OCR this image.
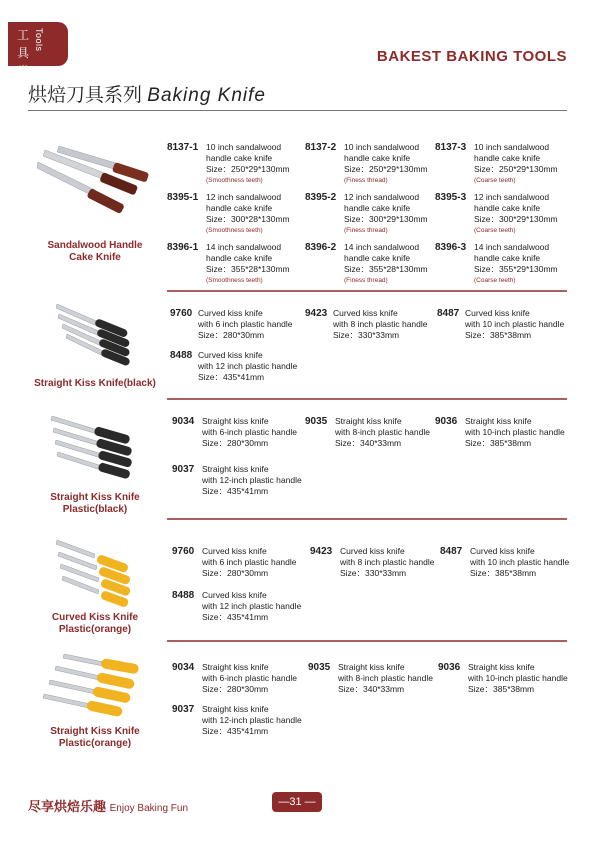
工具类
Tools
BAKEST BAKING TOOLS
烘焙刀具系列 Baking Knife
Sandalwood Handle
Cake Knife
8137-1 10 inch sandalwood
handle cake knife
Size：250*29*130mm
(Smoothness teeth)
8137-2 10 inch sandalwood
handle cake knife
Size：250*29*130mm
(Finess thread)
8137-3 10 inch sandalwood
handle cake knife
Size：250*29*130mm
(Coarse teeth)
8395-1 12 inch sandalwood
handle cake knife
Size：300*28*130mm
(Smoothness teeth)
8395-2 12 inch sandalwood
handle cake knife
Size：300*29*130mm
(Finess thread)
8395-3 12 inch sandalwood
handle cake knife
Size：300*29*130mm
(Coarse teeth)
8396-1 14 inch sandalwood
handle cake knife
Size：355*28*130mm
(Smoothness teeth)
8396-2 14 inch sandalwood
handle cake knife
Size：355*28*130mm
(Finess thread)
8396-3 14 inch sandalwood
handle cake knife
Size：355*29*130mm
(Coarse teeth)
Straight Kiss Knife(black)
9760 Curved kiss knife
with 6 inch plastic handle
Size：280*30mm
9423 Curved kiss knife
with 8 inch plastic handle
Size：330*33mm
8487 Curved kiss knife
with 10 inch plastic handle
Size：385*38mm
8488 Curved kiss knife
with 12 inch plastic handle
Size：435*41mm
Straight Kiss Knife
Plastic(black)
9034 Straight kiss knife
with 6-inch plastic handle
Size：280*30mm
9035 Straight kiss knife
with 8-inch plastic handle
Size：340*33mm
9036 Straight kiss knife
with 10-inch plastic handle
Size：385*38mm
9037 Straight kiss knife
with 12-inch plastic handle
Size：435*41mm
Curved Kiss Knife
Plastic(orange)
9760 Curved kiss knife
with 6 inch plastic handle
Size：280*30mm
9423 Curved kiss knife
with 8 inch plastic handle
Size：330*33mm
8487 Curved kiss knife
with 10 inch plastic handle
Size：385*38mm
8488 Curved kiss knife
with 12 inch plastic handle
Size：435*41mm
Straight Kiss Knife
Plastic(orange)
9034 Straight kiss knife
with 6-inch plastic handle
Size：280*30mm
9035 Straight kiss knife
with 8-inch plastic handle
Size：340*33mm
9036 Straight kiss knife
with 10-inch plastic handle
Size：385*38mm
9037 Straight kiss knife
with 12-inch plastic handle
Size：435*41mm
尽享烘焙乐趣 Enjoy Baking Fun
—31 —
